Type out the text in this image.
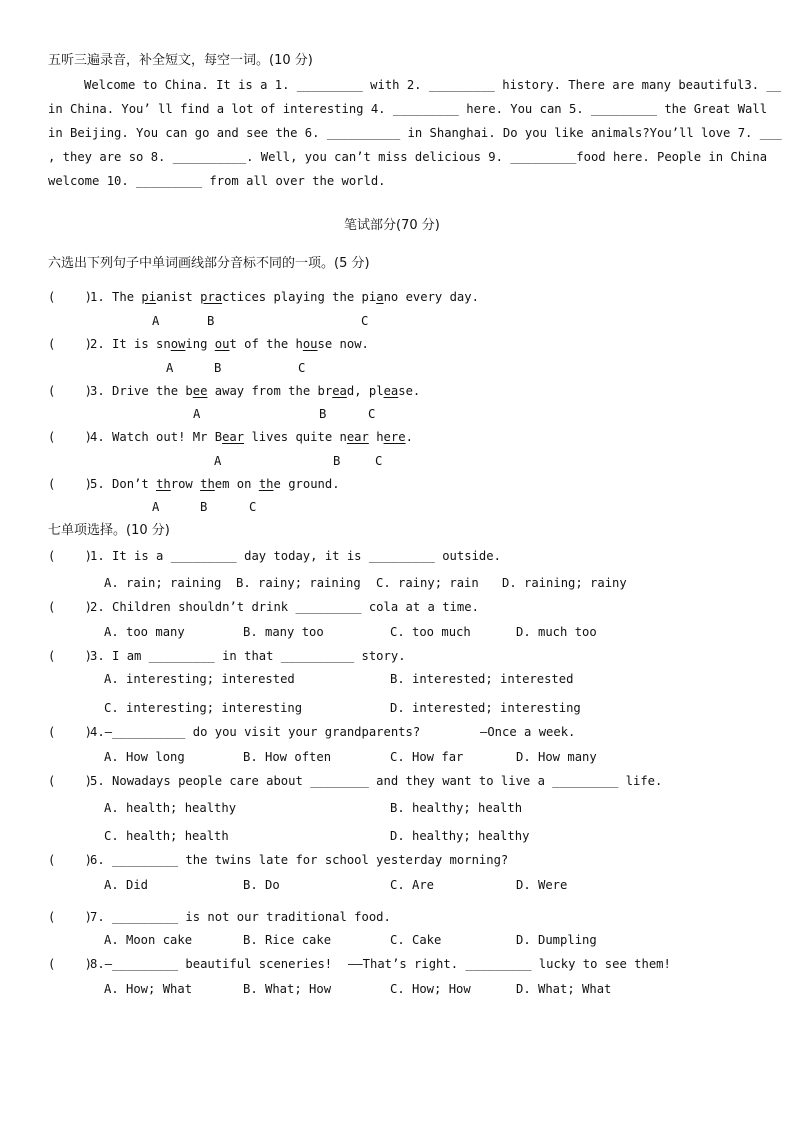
五听三遍录音，补全短文，每空一词。(10 分)
Welcome to China. It is a 1. _________ with 2. _________ history. There are many beautiful3. __
in China. You’ ll find a lot of interesting 4. _________ here. You can 5. _________ the Great Wall
in Beijing. You can go and see the 6. __________ in Shanghai. Do you like animals?You’ll love 7. ___
, they are so 8. __________. Well, you can’t miss delicious 9. _________food here. People in China
welcome 10. _________ from all over the world.
笔试部分(70 分)
六选出下列句子中单词画线部分音标不同的一项。(5 分)
(    )
1. The pianist practices playing the piano every day.
A	B	C
(    )
2. It is snowing out of the house now.
A	B	C
(    )
3. Drive the bee away from the bread, please.
A	B	C
(    )
4. Watch out! Mr Bear lives quite near here.
A	B	C
(    )
5. Don’t throw them on the ground.
A	B	C
七单项选择。(10 分)
(    )
1. It is a _________ day today, it is _________ outside.
A. rain; raining B. rainy; raining C. rainy; rain D. raining; rainy
(    )
2. Children shouldn’t drink _________ cola at a time.
A. too many	B. many too	C. too much	D. much too
(    )
3. I am _________ in that __________ story.
A. interesting; interested	B. interested; interested
C. interesting; interesting	D. interested; interesting
(    )
4.—__________ do you visit your grandparents?	—Once a week.
A. How long	B. How often	C. How far	D. How many
(    )
5. Nowadays people care about ________ and they want to live a _________ life.
A. health; healthy	B. healthy; health
C. health; health	D. healthy; healthy
(    )
6. _________ the twins late for school yesterday morning?
A. Did	B. Do	C. Are	D. Were
(    )
7. _________ is not our traditional food.
A. Moon cake	B. Rice cake	C. Cake	D. Dumpling
(    )
8.—_________ beautiful sceneries! ——That’s right. _________ lucky to see them!
A. How; What	B. What; How	C. How; How	D. What; What
